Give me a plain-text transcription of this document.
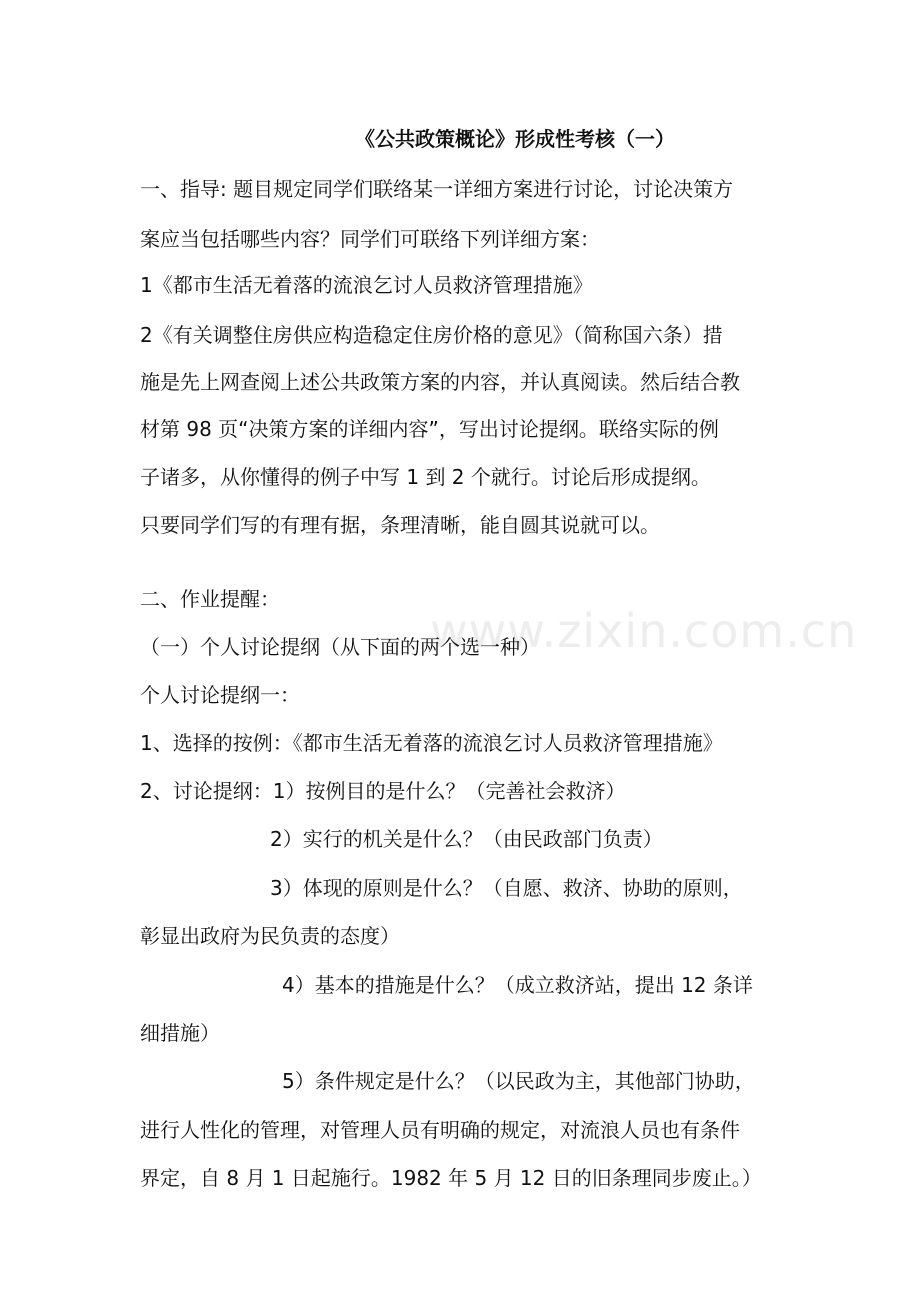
www.zixin.com.cn
《公共政策概论》形成性考核（一）
一、指导: 题目规定同学们联络某一详细方案进行讨论，讨论决策方
案应当包括哪些内容？同学们可联络下列详细方案：
1《都市生活无着落的流浪乞讨人员救济管理措施》
2《有关调整住房供应构造稳定住房价格的意见》（简称国六条）措
施是先上网查阅上述公共政策方案的内容，并认真阅读。然后结合教
材第 98 页“决策方案的详细内容”，写出讨论提纲。联络实际的例
子诸多，从你懂得的例子中写 1 到 2 个就行。讨论后形成提纲。
只要同学们写的有理有据，条理清晰，能自圆其说就可以。
二、作业提醒：
（一）个人讨论提纲（从下面的两个选一种）
个人讨论提纲一：
1、选择的按例：《都市生活无着落的流浪乞讨人员救济管理措施》
2、讨论提纲：1）按例目的是什么？（完善社会救济）
2）实行的机关是什么？（由民政部门负责）
3）体现的原则是什么？（自愿、救济、协助的原则，
彰显出政府为民负责的态度）
4）基本的措施是什么？（成立救济站，提出 12 条详
细措施）
5）条件规定是什么？（以民政为主，其他部门协助，
进行人性化的管理，对管理人员有明确的规定，对流浪人员也有条件
界定，自 8 月 1 日起施行。1982 年 5 月 12 日的旧条理同步废止。）
